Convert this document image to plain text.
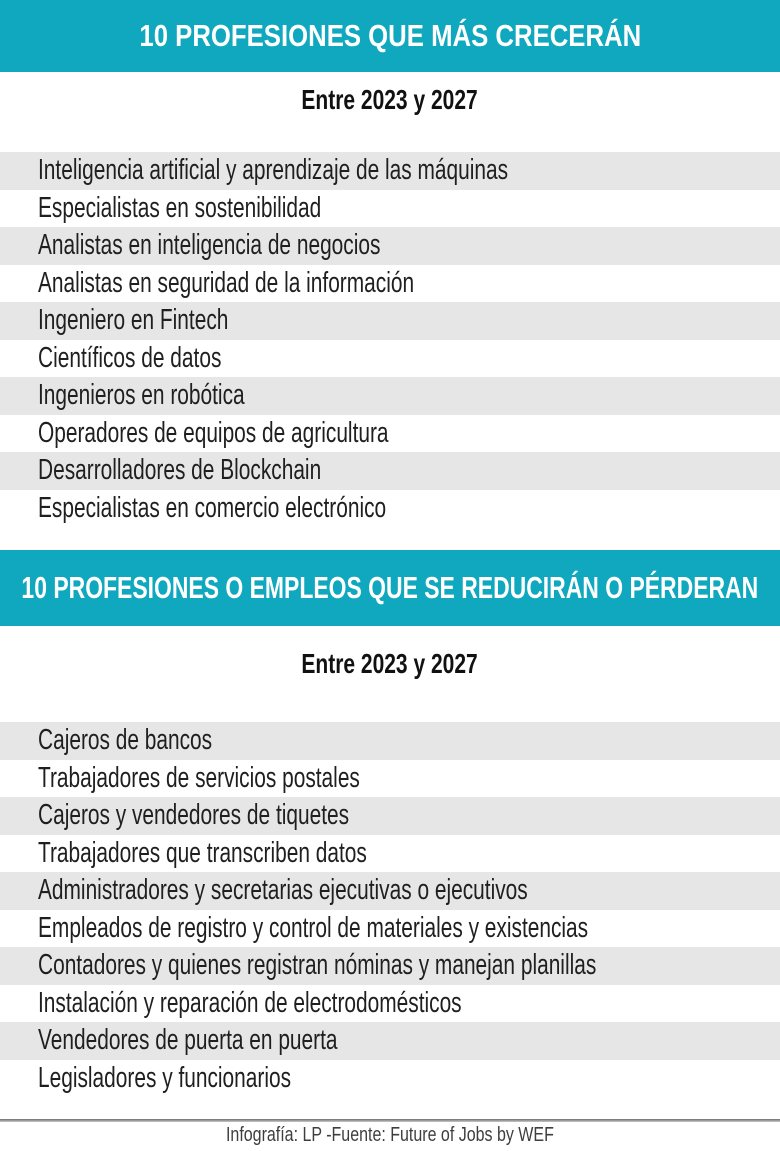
10 PROFESIONES QUE MÁS CRECERÁN
Entre 2023 y 2027
Inteligencia artificial y aprendizaje de las máquinas
Especialistas en sostenibilidad
Analistas en inteligencia de negocios
Analistas en seguridad de la información
Ingeniero en Fintech
Científicos de datos
Ingenieros en robótica
Operadores de equipos de agricultura
Desarrolladores de Blockchain
Especialistas en comercio electrónico
10 PROFESIONES O EMPLEOS QUE SE REDUCIRÁN O PÉRDERAN
Entre 2023 y 2027
Cajeros de bancos
Trabajadores de servicios postales
Cajeros y vendedores de tiquetes
Trabajadores que transcriben datos
Administradores y secretarias ejecutivas o ejecutivos
Empleados de registro y control de materiales y existencias
Contadores y quienes registran nóminas y manejan planillas
Instalación y reparación de electrodomésticos
Vendedores de puerta en puerta
Legisladores y funcionarios
Infografía: LP -Fuente: Future of Jobs by WEF
